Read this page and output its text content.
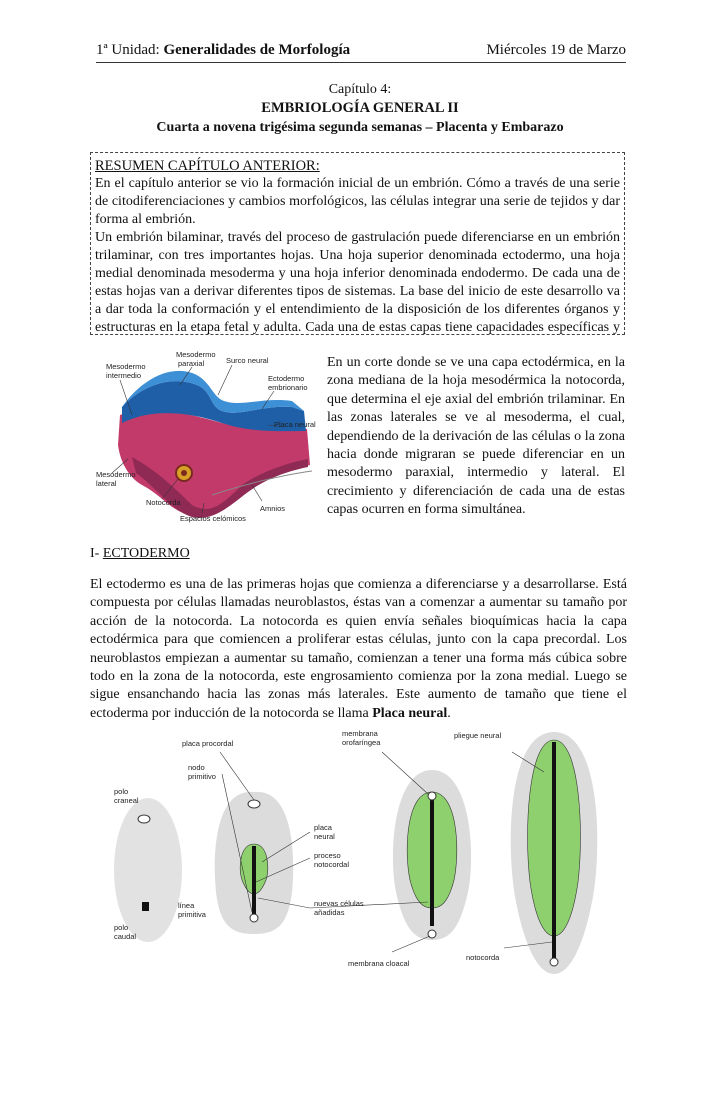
1ª Unidad: Generalidades de Morfología	Miércoles 19 de Marzo
Capítulo 4:
EMBRIOLOGÍA GENERAL II
Cuarta a novena trigésima segunda semanas – Placenta y Embarazo

RESUMEN CAPÍTULO ANTERIOR:

En el capítulo anterior se vio la formación inicial de un embrión. Cómo a través de una serie de citodiferenciaciones y cambios morfológicos, las células integrar una serie de tejidos y dar forma al embrión.

Un embrión bilaminar, través del proceso de gastrulación puede diferenciarse en un embrión trilaminar, con tres importantes hojas. Una hoja superior denominada ectodermo, una hoja medial denominada mesoderma y una hoja inferior denominada endodermo. De cada una de estas hojas van a derivar diferentes tipos de sistemas. La base del inicio de este desarrollo va a dar toda la conformación y el entendimiento de la disposición de los diferentes órganos y estructuras en la etapa fetal y adulta. Cada una de estas capas tiene capacidades específicas y

Mesodermo
intermedio
Mesodermo
paraxial	Surco neural
Ectodermo
embrionario
Placa neural
Mesodermo
lateral
Notocorda
Espacios celómicos
Amnios

En un corte donde se ve una capa ectodérmica, en la zona mediana de la hoja mesodérmica la notocorda, que determina el eje axial del embrión trilaminar. En las zonas laterales se ve al mesoderma, el cual, dependiendo de la derivación de las células o la zona hacia donde migraran se puede diferenciar en un mesodermo paraxial, intermedio y lateral. El crecimiento y diferenciación de cada una de estas capas ocurren en forma simultánea.

I- ECTODERMO

El ectodermo es una de las primeras hojas que comienza a diferenciarse y a desarrollarse. Está compuesta por células llamadas neuroblastos, éstas van a comenzar a aumentar su tamaño por acción de la notocorda. La notocorda es quien envía señales bioquímicas hacia la capa ectodérmica para que comiencen a proliferar estas células, junto con la capa precordal. Los neuroblastos empiezan a aumentar su tamaño, comienzan a tener una forma más cúbica sobre todo en la zona de la notocorda, este engrosamiento comienza por la zona medial. Luego se sigue ensanchando hacia las zonas más laterales. Este aumento de tamaño que tiene el ectoderma por inducción de la notocorda se llama Placa neural.

polo
craneal
polo
caudal
línea
primitiva
placa procordal
nodo
primitivo
placa
neural
proceso
notocordal
nuevas células
añadidas
membrana
orofaríngea
membrana cloacal
pliegue neural
notocorda
